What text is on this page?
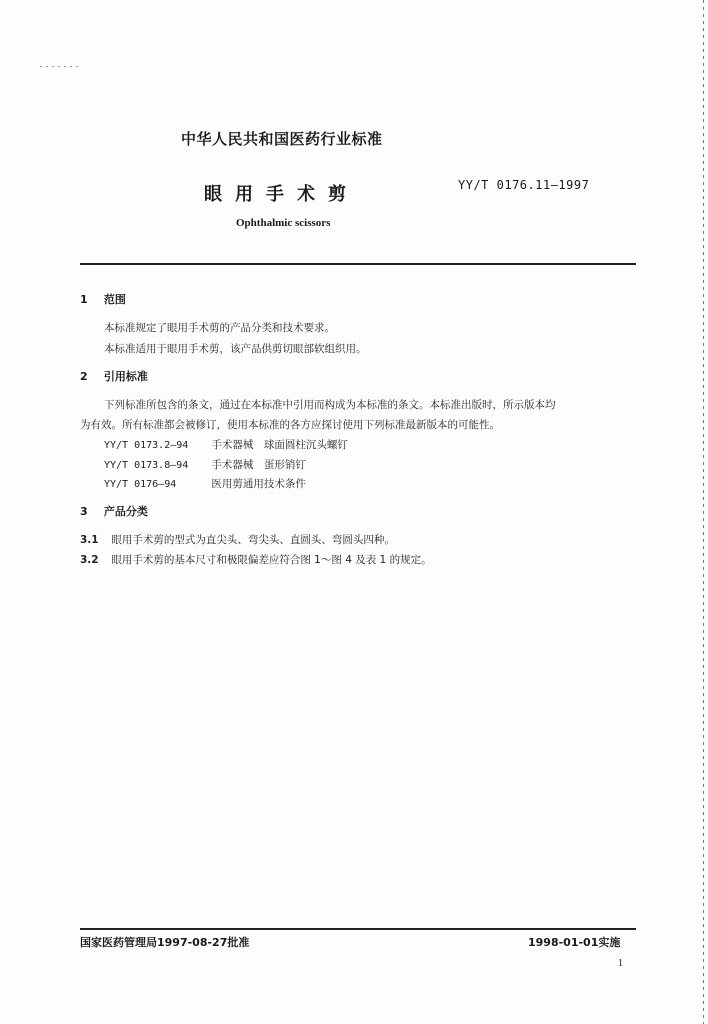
中华人民共和国医药行业标准
眼用手术剪	YY/T 0176.11—1997
Ophthalmic scissors
1 范围
本标准规定了眼用手术剪的产品分类和技术要求。
本标准适用于眼用手术剪，该产品供剪切眼部软组织用。
2 引用标准
下列标准所包含的条文，通过在本标准中引用而构成为本标准的条文。本标准出版时，所示版本均
为有效。所有标准都会被修订，使用本标准的各方应探讨使用下列标准最新版本的可能性。
YY/T 0173.2—94 手术器械　球面圆柱沉头螺钉
YY/T 0173.8—94 手术器械　蛋形销钉
YY/T 0176—94	医用剪通用技术条件
3 产品分类
3.1 眼用手术剪的型式为直尖头、弯尖头、直圆头、弯圆头四种。
3.2 眼用手术剪的基本尺寸和极限偏差应符合图 1～图 4 及表 1 的规定。
国家医药管理局1997-08-27批准	1998-01-01实施
1
